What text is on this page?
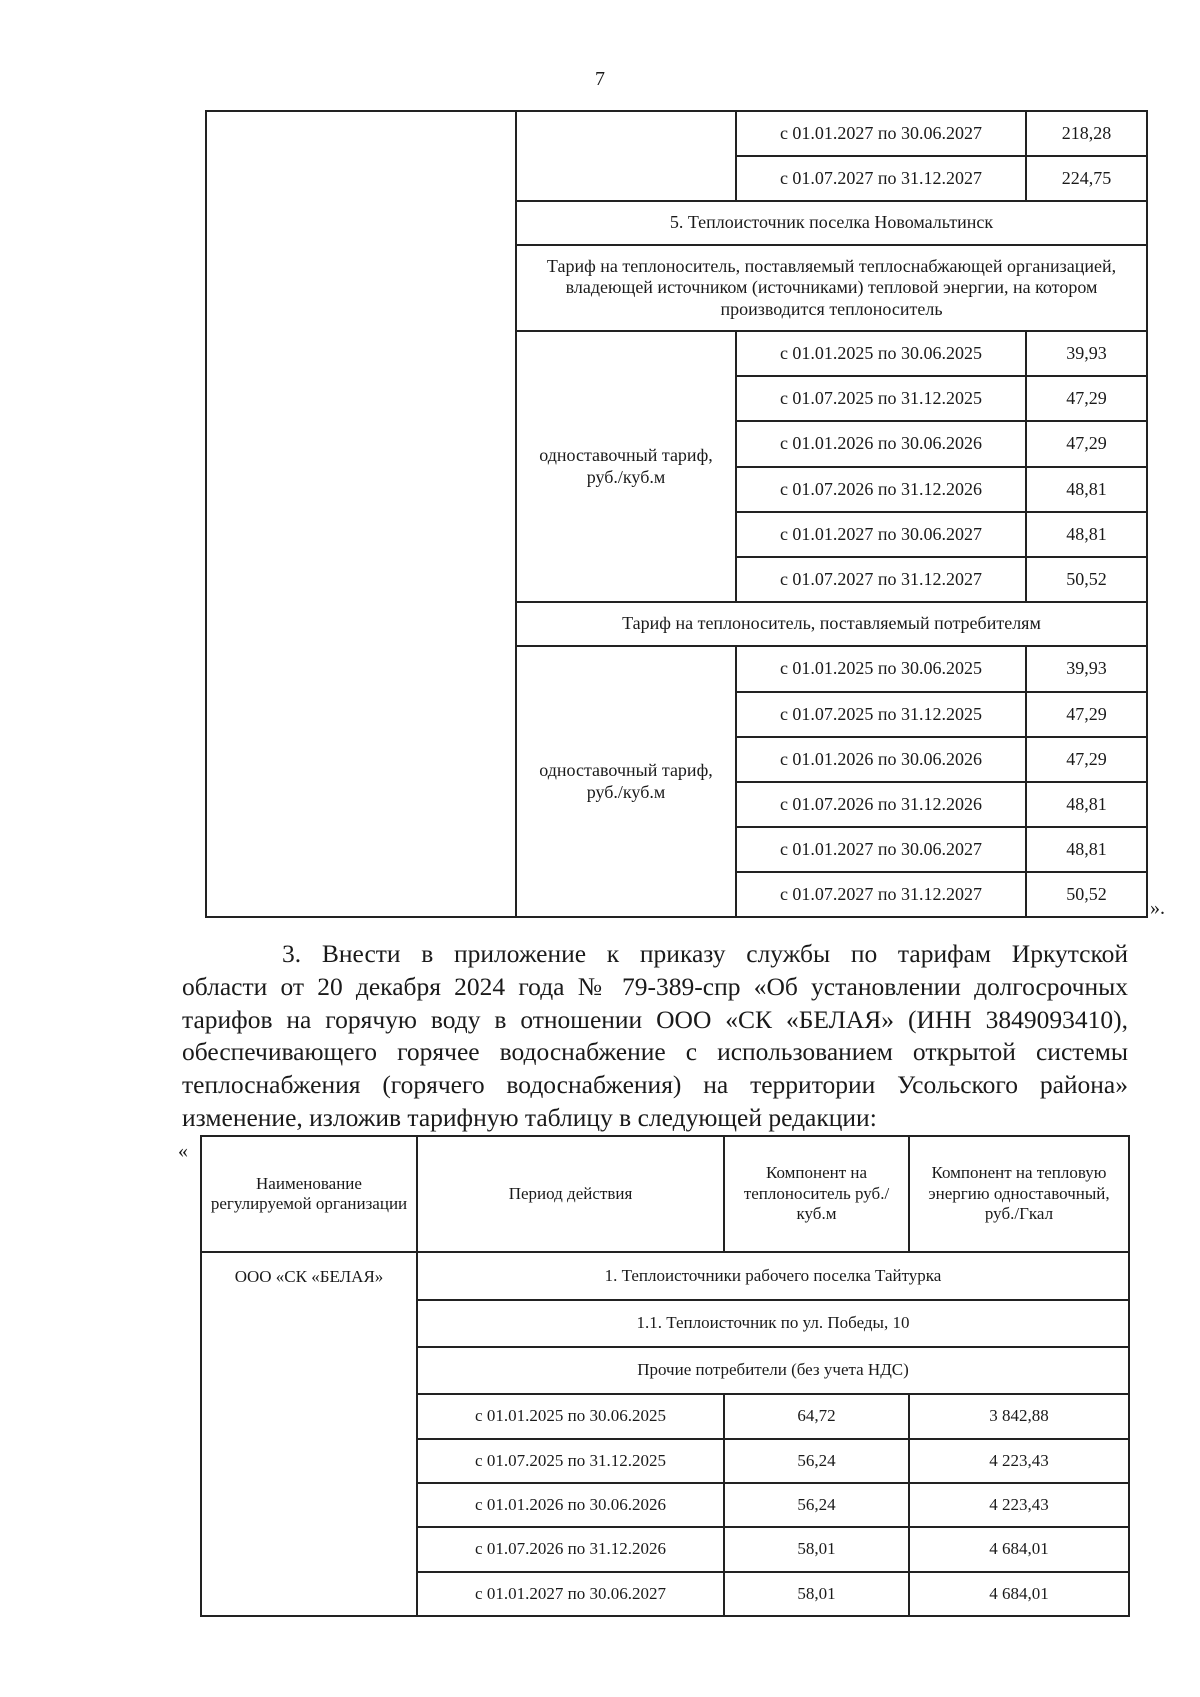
7
		с 01.01.2027 по 30.06.2027	218,28
		с 01.07.2027 по 31.12.2027	224,75
	5. Теплоисточник поселка Новомальтинск		
	Тариф на теплоноситель, поставляемый теплоснабжающей организацией, владеющей источником (источниками) тепловой энергии, на котором производится теплоноситель		
	одноставочный тариф, руб./куб.м	с 01.01.2025 по 30.06.2025	39,93
		с 01.07.2025 по 31.12.2025	47,29
		с 01.01.2026 по 30.06.2026	47,29
		с 01.07.2026 по 31.12.2026	48,81
		с 01.01.2027 по 30.06.2027	48,81
		с 01.07.2027 по 31.12.2027	50,52
	Тариф на теплоноситель, поставляемый потребителям		
	одноставочный тариф, руб./куб.м	с 01.01.2025 по 30.06.2025	39,93
		с 01.07.2025 по 31.12.2025	47,29
		с 01.01.2026 по 30.06.2026	47,29
		с 01.07.2026 по 31.12.2026	48,81
		с 01.01.2027 по 30.06.2027	48,81
		с 01.07.2027 по 31.12.2027	50,52
».
3. Внести в приложение к приказу службы по тарифам Иркутской
области от 20 декабря 2024 года № 79-389-спр «Об установлении долгосрочных
тарифов на горячую воду в отношении ООО «СК «БЕЛАЯ» (ИНН 3849093410),
обеспечивающего горячее водоснабжение с использованием открытой системы
теплоснабжения (горячего водоснабжения) на территории Усольского района»
изменение, изложив тарифную таблицу в следующей редакции:
«
Наименование регулируемой организации	Период действия	Компонент на теплоноситель руб./куб.м	Компонент на тепловую энергию одноставочный, руб./Гкал
ООО «СК «БЕЛАЯ»	1. Теплоисточники рабочего поселка Тайтурка		
	1.1. Теплоисточник по ул. Победы, 10		
	Прочие потребители (без учета НДС)		
	с 01.01.2025 по 30.06.2025	64,72	3 842,88
	с 01.07.2025 по 31.12.2025	56,24	4 223,43
	с 01.01.2026 по 30.06.2026	56,24	4 223,43
	с 01.07.2026 по 31.12.2026	58,01	4 684,01
	с 01.01.2027 по 30.06.2027	58,01	4 684,01
